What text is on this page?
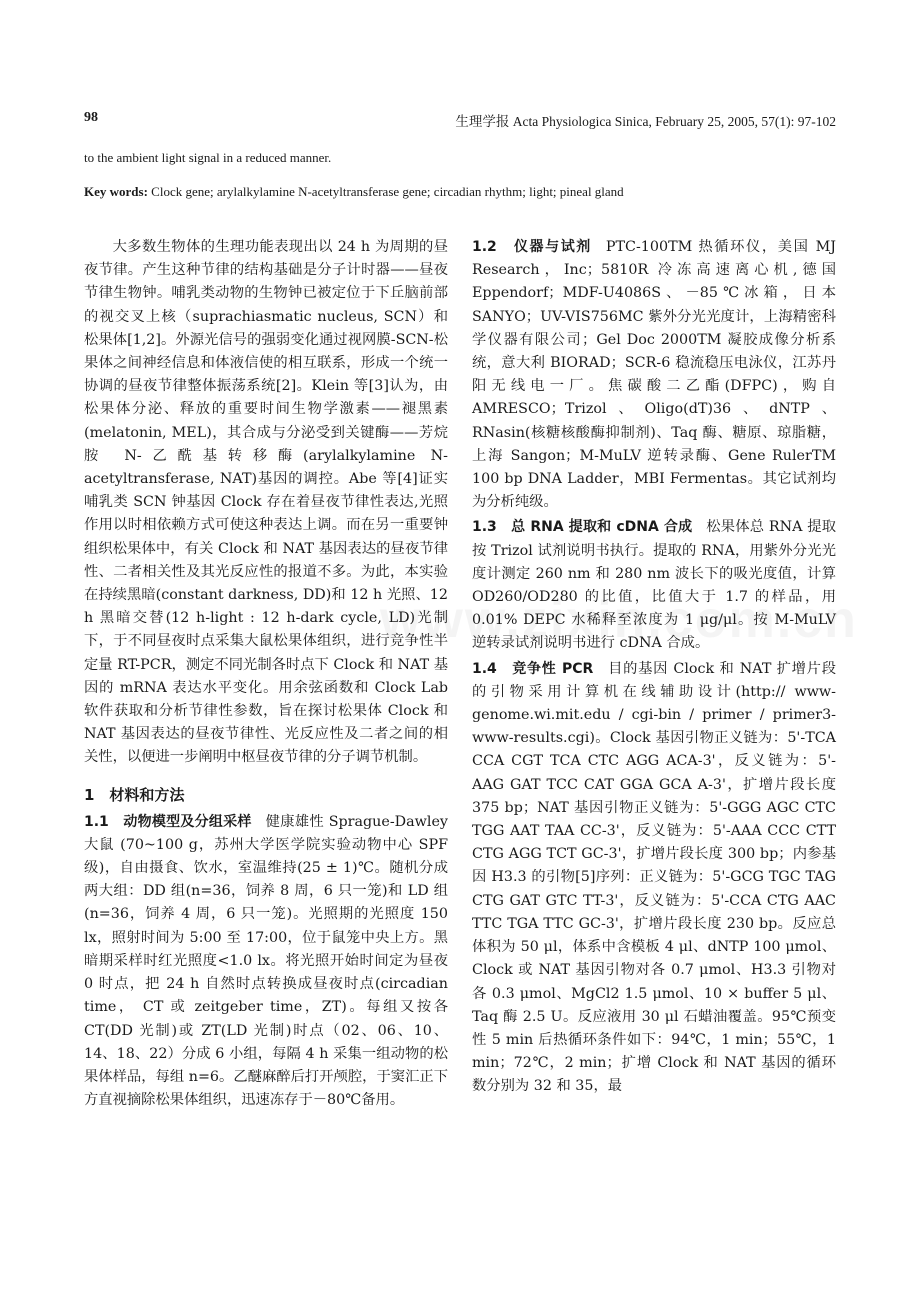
98	生理学报 Acta Physiologica Sinica, February 25, 2005, 57(1): 97-102
to the ambient light signal in a reduced manner.
Key words: Clock gene; arylalkylamine N-acetyltransferase gene; circadian rhythm; light; pineal gland

大多数生物体的生理功能表现出以 24 h 为周期的昼夜节律。产生这种节律的结构基础是分子计时器——昼夜节律生物钟。哺乳类动物的生物钟已被定位于下丘脑前部的视交叉上核（suprachiasmatic nucleus, SCN）和松果体[1,2]。外源光信号的强弱变化通过视网膜-SCN-松果体之间神经信息和体液信使的相互联系，形成一个统一协调的昼夜节律整体振荡系统[2]。Klein 等[3]认为，由松果体分泌、释放的重要时间生物学激素——褪黑素(melatonin, MEL)，其合成与分泌受到关键酶——芳烷胺 N-乙酰基转移酶(arylalkylamine N-acetyltransferase, NAT)基因的调控。Abe 等[4]证实哺乳类 SCN 钟基因 Clock 存在着昼夜节律性表达,光照作用以时相依赖方式可使这种表达上调。而在另一重要钟组织松果体中，有关 Clock 和 NAT 基因表达的昼夜节律性、二者相关性及其光反应性的报道不多。为此，本实验在持续黑暗(constant darkness, DD)和 12 h 光照、12 h 黑暗交替(12 h-light : 12 h-dark cycle, LD)光制下，于不同昼夜时点采集大鼠松果体组织，进行竞争性半定量 RT-PCR，测定不同光制各时点下 Clock 和 NAT 基因的 mRNA 表达水平变化。用余弦函数和 Clock Lab 软件获取和分析节律性参数，旨在探讨松果体 Clock 和 NAT 基因表达的昼夜节律性、光反应性及二者之间的相关性，以便进一步阐明中枢昼夜节律的分子调节机制。

1　材料和方法

1.1　动物模型及分组采样 健康雄性 Sprague-Dawley 大鼠 (70~100 g，苏州大学医学院实验动物中心 SPF 级)，自由摄食、饮水，室温维持(25 ± 1)℃。随机分成两大组：DD 组(n=36，饲养 8 周，6 只一笼)和 LD 组(n=36，饲养 4 周，6 只一笼)。光照期的光照度 150 lx，照射时间为 5:00 至 17:00，位于鼠笼中央上方。黑暗期采样时红光照度<1.0 lx。将光照开始时间定为昼夜 0 时点，把 24 h 自然时点转换成昼夜时点(circadian time， CT 或 zeitgeber time，ZT)。每组又按各 CT(DD 光制)或 ZT(LD 光制)时点（02、06、10、14、18、22）分成 6 小组，每隔 4 h 采集一组动物的松果体样品，每组 n=6。乙醚麻醉后打开颅腔，于窦汇正下方直视摘除松果体组织，迅速冻存于－80℃备用。

1.2　仪器与试剂 PTC-100TM 热循环仪，美国 MJ Research，Inc；5810R 冷冻高速离心机,德国 Eppendorf；MDF-U4086S、－85℃冰箱，日本 SANYO；UV-VIS756MC 紫外分光光度计，上海精密科学仪器有限公司；Gel Doc 2000TM 凝胶成像分析系统，意大利 BIORAD；SCR-6 稳流稳压电泳仪，江苏丹阳无线电一厂。焦碳酸二乙酯(DFPC)，购自 AMRESCO；Trizol、Oligo(dT)36、dNTP、RNasin(核糖核酸酶抑制剂)、Taq 酶、糖原、琼脂糖，上海 Sangon；M-MuLV 逆转录酶、Gene RulerTM 100 bp DNA Ladder，MBI Fermentas。其它试剂均为分析纯级。

1.3　总 RNA 提取和 cDNA 合成 松果体总 RNA 提取按 Trizol 试剂说明书执行。提取的 RNA，用紫外分光光度计测定 260 nm 和 280 nm 波长下的吸光度值，计算 OD260/OD280 的比值，比值大于 1.7 的样品，用 0.01% DEPC 水稀释至浓度为 1 μg/μl。按 M-MuLV 逆转录试剂说明书进行 cDNA 合成。

1.4　竞争性 PCR 目的基因 Clock 和 NAT 扩增片段的引物采用计算机在线辅助设计(http:// www-genome.wi.mit.edu / cgi-bin / primer / primer3-www-results.cgi)。Clock 基因引物正义链为：5'-TCA CCA CGT TCA CTC AGG ACA-3'，反义链为：5'-AAG GAT TCC CAT GGA GCA A-3'，扩增片段长度 375 bp；NAT 基因引物正义链为：5'-GGG AGC CTC TGG AAT TAA CC-3'，反义链为：5'-AAA CCC CTT CTG AGG TCT GC-3'，扩增片段长度 300 bp；内参基因 H3.3 的引物[5]序列：正义链为：5'-GCG TGC TAG CTG GAT GTC TT-3'，反义链为：5'-CCA CTG AAC TTC TGA TTC GC-3'，扩增片段长度 230 bp。反应总体积为 50 μl，体系中含模板 4 μl、dNTP 100 μmol、Clock 或 NAT 基因引物对各 0.7 μmol、H3.3 引物对各 0.3 μmol、MgCl2 1.5 μmol、10 × buffer 5 μl、Taq 酶 2.5 U。反应液用 30 μl 石蜡油覆盖。95℃预变性 5 min 后热循环条件如下：94℃，1 min；55℃，1 min；72℃，2 min；扩增 Clock 和 NAT 基因的循环数分别为 32 和 35，最
